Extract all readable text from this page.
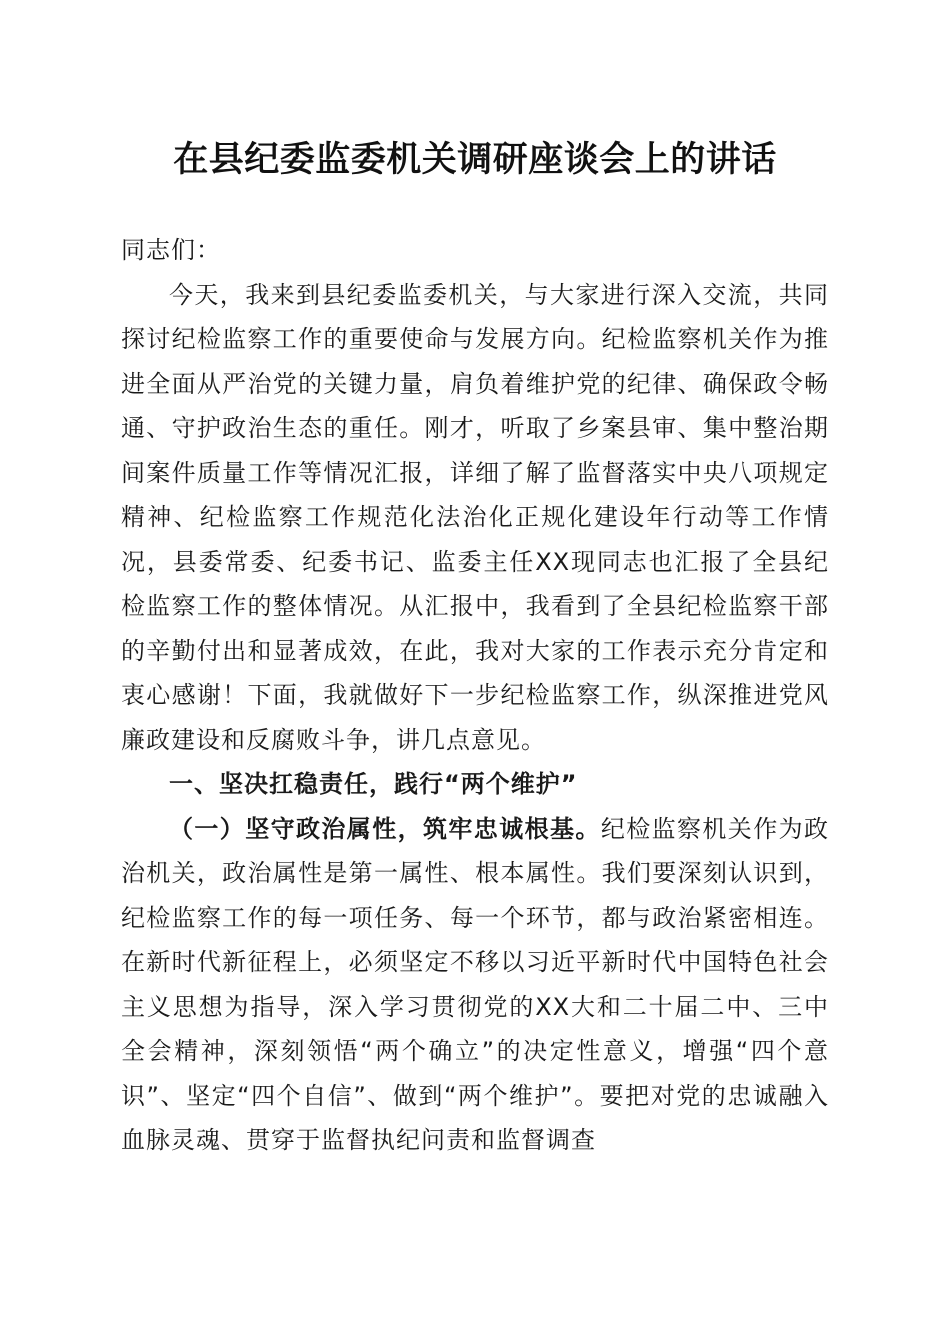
在县纪委监委机关调研座谈会上的讲话

同志们：

今天，我来到县纪委监委机关，与大家进行深入交流，共同探讨纪检监察工作的重要使命与发展方向。纪检监察机关作为推进全面从严治党的关键力量，肩负着维护党的纪律、确保政令畅通、守护政治生态的重任。刚才，听取了乡案县审、集中整治期间案件质量工作等情况汇报，详细了解了监督落实中央八项规定精神、纪检监察工作规范化法治化正规化建设年行动等工作情况，县委常委、纪委书记、监委主任XX现同志也汇报了全县纪检监察工作的整体情况。从汇报中，我看到了全县纪检监察干部的辛勤付出和显著成效，在此，我对大家的工作表示充分肯定和衷心感谢！下面，我就做好下一步纪检监察工作，纵深推进党风廉政建设和反腐败斗争，讲几点意见。

一、坚决扛稳责任，践行“两个维护”

（一）坚守政治属性，筑牢忠诚根基。纪检监察机关作为政治机关，政治属性是第一属性、根本属性。我们要深刻认识到，纪检监察工作的每一项任务、每一个环节，都与政治紧密相连。在新时代新征程上，必须坚定不移以习近平新时代中国特色社会主义思想为指导，深入学习贯彻党的XX大和二十届二中、三中全会精神，深刻领悟“两个确立”的决定性意义，增强“四个意识”、坚定“四个自信”、做到“两个维护”。要把对党的忠诚融入血脉灵魂、贯穿于监督执纪问责和监督调查
